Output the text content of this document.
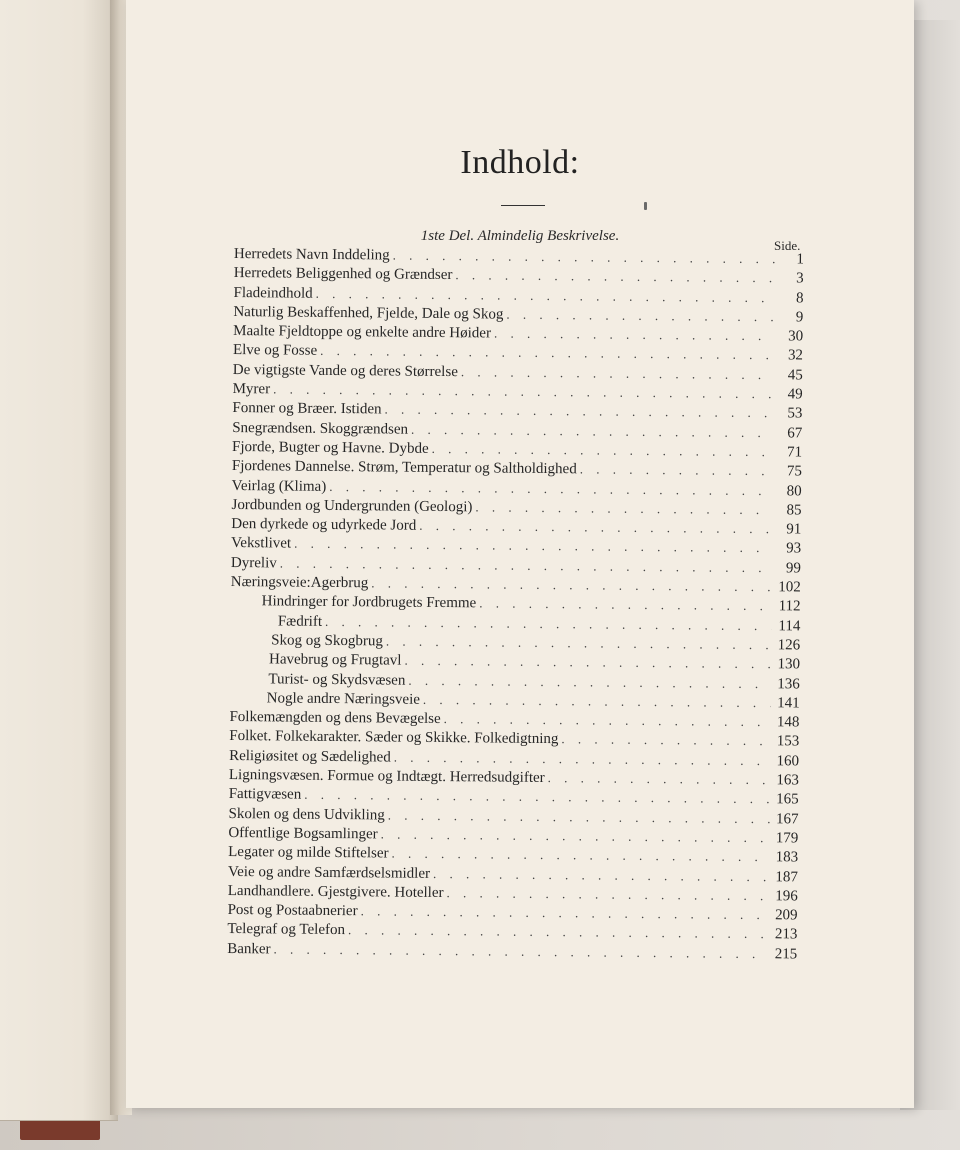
Indhold:
1ste Del. Almindelig Beskrivelse.
Side.
Herredets Navn Inddeling . . .	1
Herredets Beliggenhed og Grændser . . .	3
Fladeindhold . . .	8
Naturlig Beskaffenhed, Fjelde, Dale og Skog . . .	9
Maalte Fjeldtoppe og enkelte andre Høider . . .	30
Elve og Fosse . . .	32
De vigtigste Vande og deres Størrelse . . .	45
Myrer . . .	49
Fonner og Bræer. Istiden . . .	53
Snegrændsen. Skoggrændsen . . .	67
Fjorde, Bugter og Havne. Dybde . . .	71
Fjordenes Dannelse. Strøm, Temperatur og Saltholdighed . . .	75
Veirlag (Klima) . . .	80
Jordbunden og Undergrunden (Geologi) . . .	85
Den dyrkede og udyrkede Jord . . .	91
Vekstlivet . . .	93
Dyreliv . . .	99
Næringsveie: Agerbrug . . .	102
Hindringer for Jordbrugets Fremme . . .	112
Fædrift . . .	114
Skog og Skogbrug . . .	126
Havebrug og Frugtavl . . .	130
Turist- og Skydsvæsen . . .	136
Nogle andre Næringsveie . . .	141
Folkemængden og dens Bevægelse . . .	148
Folket. Folkekarakter. Sæder og Skikke. Folkedigtning . . .	153
Religiøsitet og Sædelighed . . .	160
Ligningsvæsen. Formue og Indtægt. Herredsudgifter . . .	163
Fattigvæsen . . .	165
Skolen og dens Udvikling . . .	167
Offentlige Bogsamlinger . . .	179
Legater og milde Stiftelser . . .	183
Veie og andre Samfærdselsmidler . . .	187
Landhandlere. Gjestgivere. Hoteller . . .	196
Post og Postaabnerier . . .	209
Telegraf og Telefon . . .	213
Banker . . .	215
